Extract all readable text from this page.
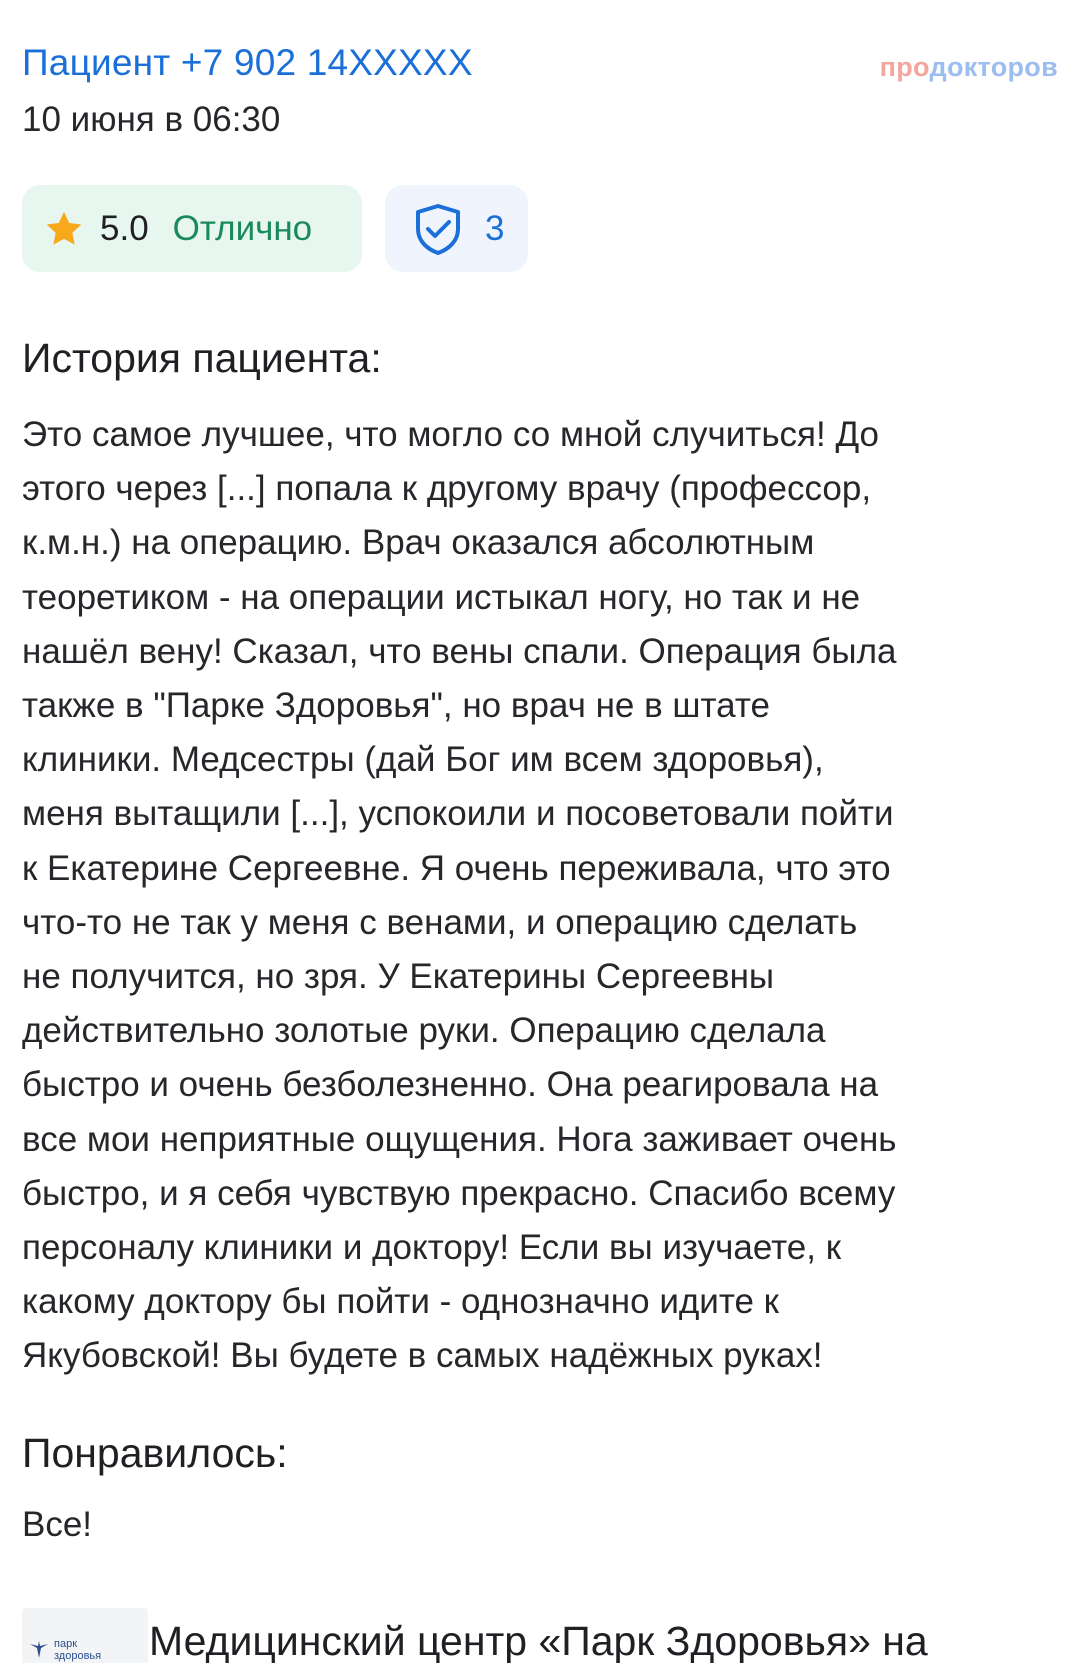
Пациент +7 902 14XXXXX
10 июня в 06:30
продокторов
5.0 Отлично	3
История пациента:
Это самое лучшее, что могло со мной случиться! До
этого через [...] попала к другому врачу (профессор,
к.м.н.) на операцию. Врач оказался абсолютным
теоретиком - на операции истыкал ногу, но так и не
нашёл вену! Сказал, что вены спали. Операция была
также в "Парке Здоровья", но врач не в штате
клиники. Медсестры (дай Бог им всем здоровья),
меня вытащили [...], успокоили и посоветовали пойти
к Екатерине Сергеевне. Я очень переживала, что это
что-то не так у меня с венами, и операцию сделать
не получится, но зря. У Екатерины Сергеевны
действительно золотые руки. Операцию сделала
быстро и очень безболезненно. Она реагировала на
все мои неприятные ощущения. Нога заживает очень
быстро, и я себя чувствую прекрасно. Спасибо всему
персоналу клиники и доктору! Если вы изучаете, к
какому доктору бы пойти - однозначно идите к
Якубовской! Вы будете в самых надёжных руках!
Понравилось:
Все!
парк
здоровья Медицинский центр «Парк Здоровья» на
